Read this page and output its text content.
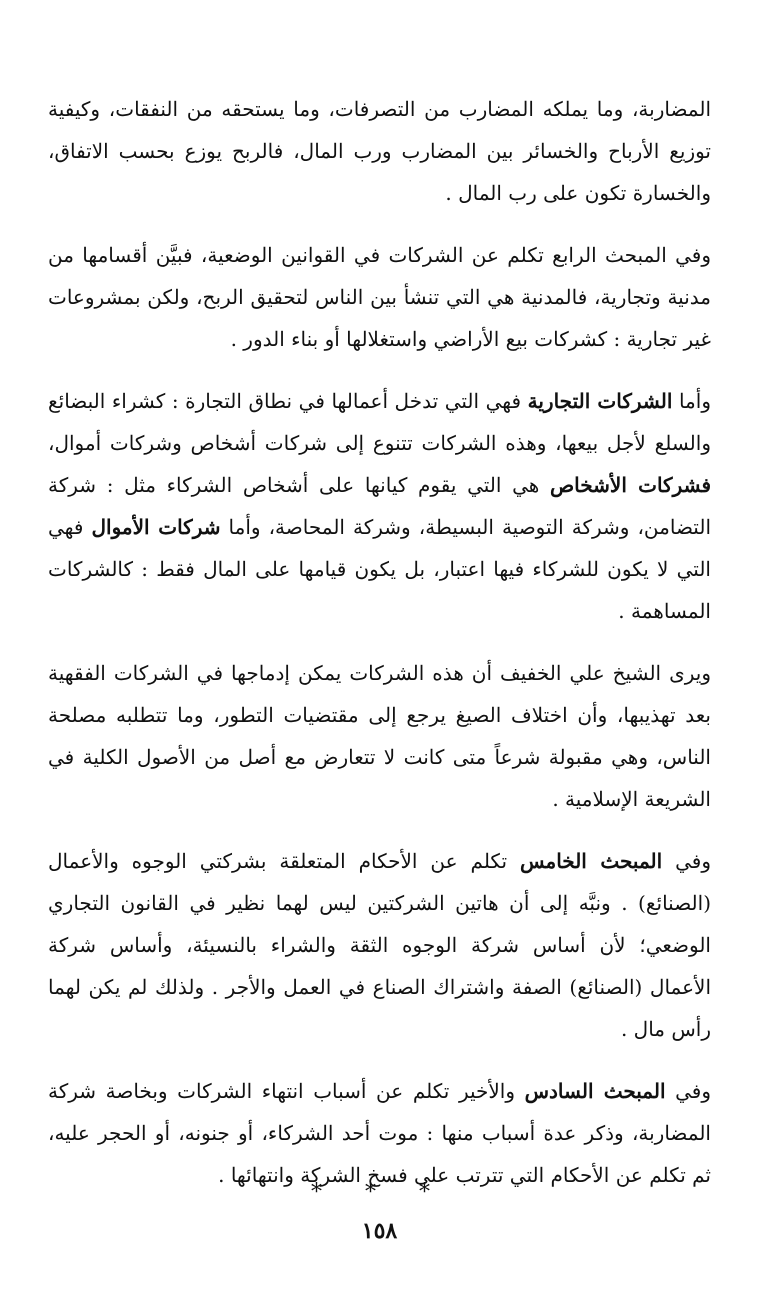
المضاربة، وما يملكه المضارب من التصرفات، وما يستحقه من النفقات، وكيفية توزيع الأرباح والخسائر بين المضارب ورب المال، فالربح يوزع بحسب الاتفاق، والخسارة تكون على رب المال .

وفي المبحث الرابع تكلم عن الشركات في القوانين الوضعية، فبيَّن أقسامها من مدنية وتجارية، فالمدنية هي التي تنشأ بين الناس لتحقيق الربح، ولكن بمشروعات غير تجارية : كشركات بيع الأراضي واستغلالها أو بناء الدور .

وأما الشركات التجارية فهي التي تدخل أعمالها في نطاق التجارة : كشراء البضائع والسلع لأجل بيعها، وهذه الشركات تتنوع إلى شركات أشخاص وشركات أموال، فشركات الأشخاص هي التي يقوم كيانها على أشخاص الشركاء مثل : شركة التضامن، وشركة التوصية البسيطة، وشركة المحاصة، وأما شركات الأموال فهي التي لا يكون للشركاء فيها اعتبار، بل يكون قيامها على المال فقط : كالشركات المساهمة .

ويرى الشيخ علي الخفيف أن هذه الشركات يمكن إدماجها في الشركات الفقهية بعد تهذيبها، وأن اختلاف الصيغ يرجع إلى مقتضيات التطور، وما تتطلبه مصلحة الناس، وهي مقبولة شرعاً متى كانت لا تتعارض مع أصل من الأصول الكلية في الشريعة الإسلامية .

وفي المبحث الخامس تكلم عن الأحكام المتعلقة بشركتي الوجوه والأعمال (الصنائع) . ونبَّه إلى أن هاتين الشركتين ليس لهما نظير في القانون التجاري الوضعي؛ لأن أساس شركة الوجوه الثقة والشراء بالنسيئة، وأساس شركة الأعمال (الصنائع) الصفة واشتراك الصناع في العمل والأجر . ولذلك لم يكن لهما رأس مال .

وفي المبحث السادس والأخير تكلم عن أسباب انتهاء الشركات وبخاصة شركة المضاربة، وذكر عدة أسباب منها : موت أحد الشركاء، أو جنونه، أو الحجر عليه، ثم تكلم عن الأحكام التي تترتب على فسخ الشركة وانتهائها .

* * *
١٥٨
